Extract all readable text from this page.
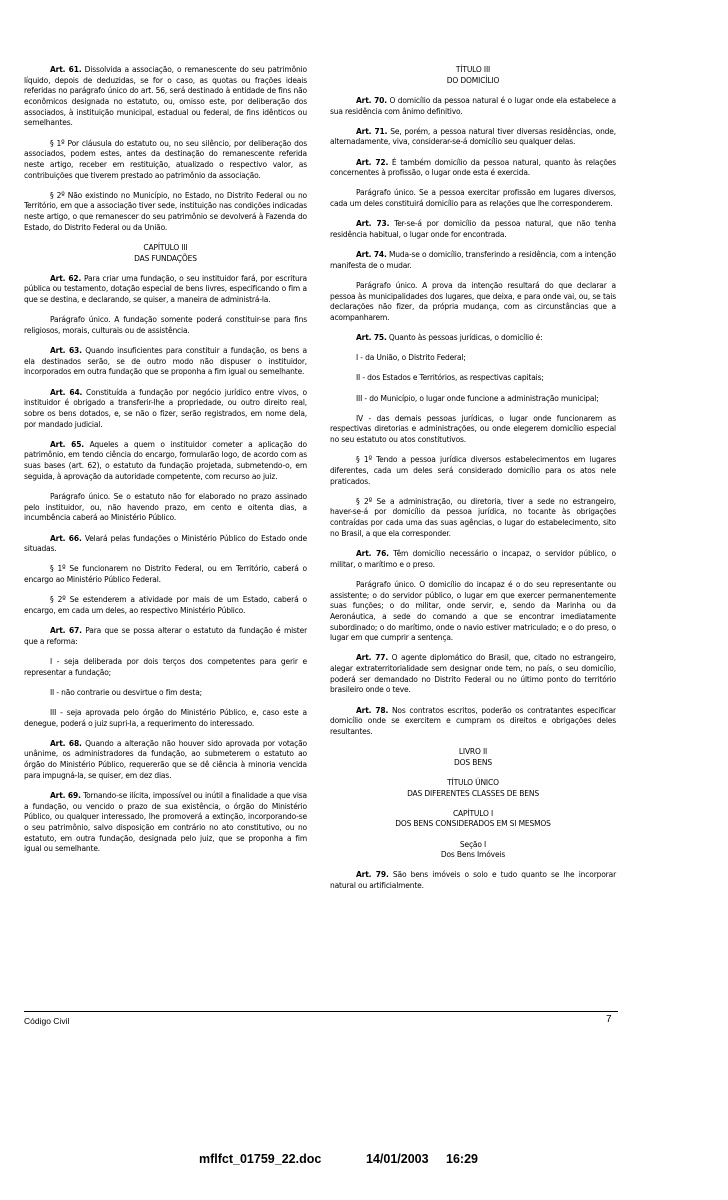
Art. 61. Dissolvida a associação, o remanescente do seu patrimônio líquido, depois de deduzidas, se for o caso, as quotas ou frações ideais referidas no parágrafo único do art. 56, será destinado à entidade de fins não econômicos designada no estatuto, ou, omisso este, por deliberação dos associados, à instituição municipal, estadual ou federal, de fins idênticos ou semelhantes.

§ 1º Por cláusula do estatuto ou, no seu silêncio, por deliberação dos associados, podem estes, antes da destinação do remanescente referida neste artigo, receber em restituição, atualizado o respectivo valor, as contribuições que tiverem prestado ao patrimônio da associação.

§ 2º Não existindo no Município, no Estado, no Distrito Federal ou no Território, em que a associação tiver sede, instituição nas condições indicadas neste artigo, o que remanescer do seu patrimônio se devolverá à Fazenda do Estado, do Distrito Federal ou da União.

CAPÍTULO III
DAS FUNDAÇÕES

Art. 62. Para criar uma fundação, o seu instituidor fará, por escritura pública ou testamento, dotação especial de bens livres, especificando o fim a que se destina, e declarando, se quiser, a maneira de administrá-la.

Parágrafo único. A fundação somente poderá constituir-se para fins religiosos, morais, culturais ou de assistência.

Art. 63. Quando insuficientes para constituir a fundação, os bens a ela destinados serão, se de outro modo não dispuser o instituidor, incorporados em outra fundação que se proponha a fim igual ou semelhante.

Art. 64. Constituída a fundação por negócio jurídico entre vivos, o instituidor é obrigado a transferir-lhe a propriedade, ou outro direito real, sobre os bens dotados, e, se não o fizer, serão registrados, em nome dela, por mandado judicial.

Art. 65. Aqueles a quem o instituidor cometer a aplicação do patrimônio, em tendo ciência do encargo, formularão logo, de acordo com as suas bases (art. 62), o estatuto da fundação projetada, submetendo-o, em seguida, à aprovação da autoridade competente, com recurso ao juiz.

Parágrafo único. Se o estatuto não for elaborado no prazo assinado pelo instituidor, ou, não havendo prazo, em cento e oitenta dias, a incumbência caberá ao Ministério Público.

Art. 66. Velará pelas fundações o Ministério Público do Estado onde situadas.

§ 1º Se funcionarem no Distrito Federal, ou em Território, caberá o encargo ao Ministério Público Federal.

§ 2º Se estenderem a atividade por mais de um Estado, caberá o encargo, em cada um deles, ao respectivo Ministério Público.

Art. 67. Para que se possa alterar o estatuto da fundação é mister que a reforma:

I - seja deliberada por dois terços dos competentes para gerir e representar a fundação;

II - não contrarie ou desvirtue o fim desta;

III - seja aprovada pelo órgão do Ministério Público, e, caso este a denegue, poderá o juiz supri-la, a requerimento do interessado.

Art. 68. Quando a alteração não houver sido aprovada por votação unânime, os administradores da fundação, ao submeterem o estatuto ao órgão do Ministério Público, requererão que se dê ciência à minoria vencida para impugná-la, se quiser, em dez dias.

Art. 69. Tornando-se ilícita, impossível ou inútil a finalidade a que visa a fundação, ou vencido o prazo de sua existência, o órgão do Ministério Público, ou qualquer interessado, lhe promoverá a extinção, incorporando-se o seu patrimônio, salvo disposição em contrário no ato constitutivo, ou no estatuto, em outra fundação, designada pelo juiz, que se proponha a fim igual ou semelhante.

TÍTULO III
DO DOMICÍLIO

Art. 70. O domicílio da pessoa natural é o lugar onde ela estabelece a sua residência com ânimo definitivo.

Art. 71. Se, porém, a pessoa natural tiver diversas residências, onde, alternadamente, viva, considerar-se-á domicílio seu qualquer delas.

Art. 72. É também domicílio da pessoa natural, quanto às relações concernentes à profissão, o lugar onde esta é exercida.

Parágrafo único. Se a pessoa exercitar profissão em lugares diversos, cada um deles constituirá domicílio para as relações que lhe corresponderem.

Art. 73. Ter-se-á por domicílio da pessoa natural, que não tenha residência habitual, o lugar onde for encontrada.

Art. 74. Muda-se o domicílio, transferindo a residência, com a intenção manifesta de o mudar.

Parágrafo único. A prova da intenção resultará do que declarar a pessoa às municipalidades dos lugares, que deixa, e para onde vai, ou, se tais declarações não fizer, da própria mudança, com as circunstâncias que a acompanharem.

Art. 75. Quanto às pessoas jurídicas, o domicílio é:

I - da União, o Distrito Federal;

II - dos Estados e Territórios, as respectivas capitais;

III - do Município, o lugar onde funcione a administração municipal;

IV - das demais pessoas jurídicas, o lugar onde funcionarem as respectivas diretorias e administrações, ou onde elegerem domicílio especial no seu estatuto ou atos constitutivos.

§ 1º Tendo a pessoa jurídica diversos estabelecimentos em lugares diferentes, cada um deles será considerado domicílio para os atos nele praticados.

§ 2º Se a administração, ou diretoria, tiver a sede no estrangeiro, haver-se-á por domicílio da pessoa jurídica, no tocante às obrigações contraídas por cada uma das suas agências, o lugar do estabelecimento, sito no Brasil, a que ela corresponder.

Art. 76. Têm domicílio necessário o incapaz, o servidor público, o militar, o marítimo e o preso.

Parágrafo único. O domicílio do incapaz é o do seu representante ou assistente; o do servidor público, o lugar em que exercer permanentemente suas funções; o do militar, onde servir, e, sendo da Marinha ou da Aeronáutica, a sede do comando a que se encontrar imediatamente subordinado; o do marítimo, onde o navio estiver matriculado; e o do preso, o lugar em que cumprir a sentença.

Art. 77. O agente diplomático do Brasil, que, citado no estrangeiro, alegar extraterritorialidade sem designar onde tem, no país, o seu domicílio, poderá ser demandado no Distrito Federal ou no último ponto do território brasileiro onde o teve.

Art. 78. Nos contratos escritos, poderão os contratantes especificar domicílio onde se exercitem e cumpram os direitos e obrigações deles resultantes.

LIVRO II
DOS BENS
TÍTULO ÚNICO
DAS DIFERENTES CLASSES DE BENS
CAPÍTULO I
DOS BENS CONSIDERADOS EM SI MESMOS
Seção I
Dos Bens Imóveis

Art. 79. São bens imóveis o solo e tudo quanto se lhe incorporar natural ou artificialmente.

Código Civil	7
mflfct_01759_22.doc	14/01/2003 16:29
